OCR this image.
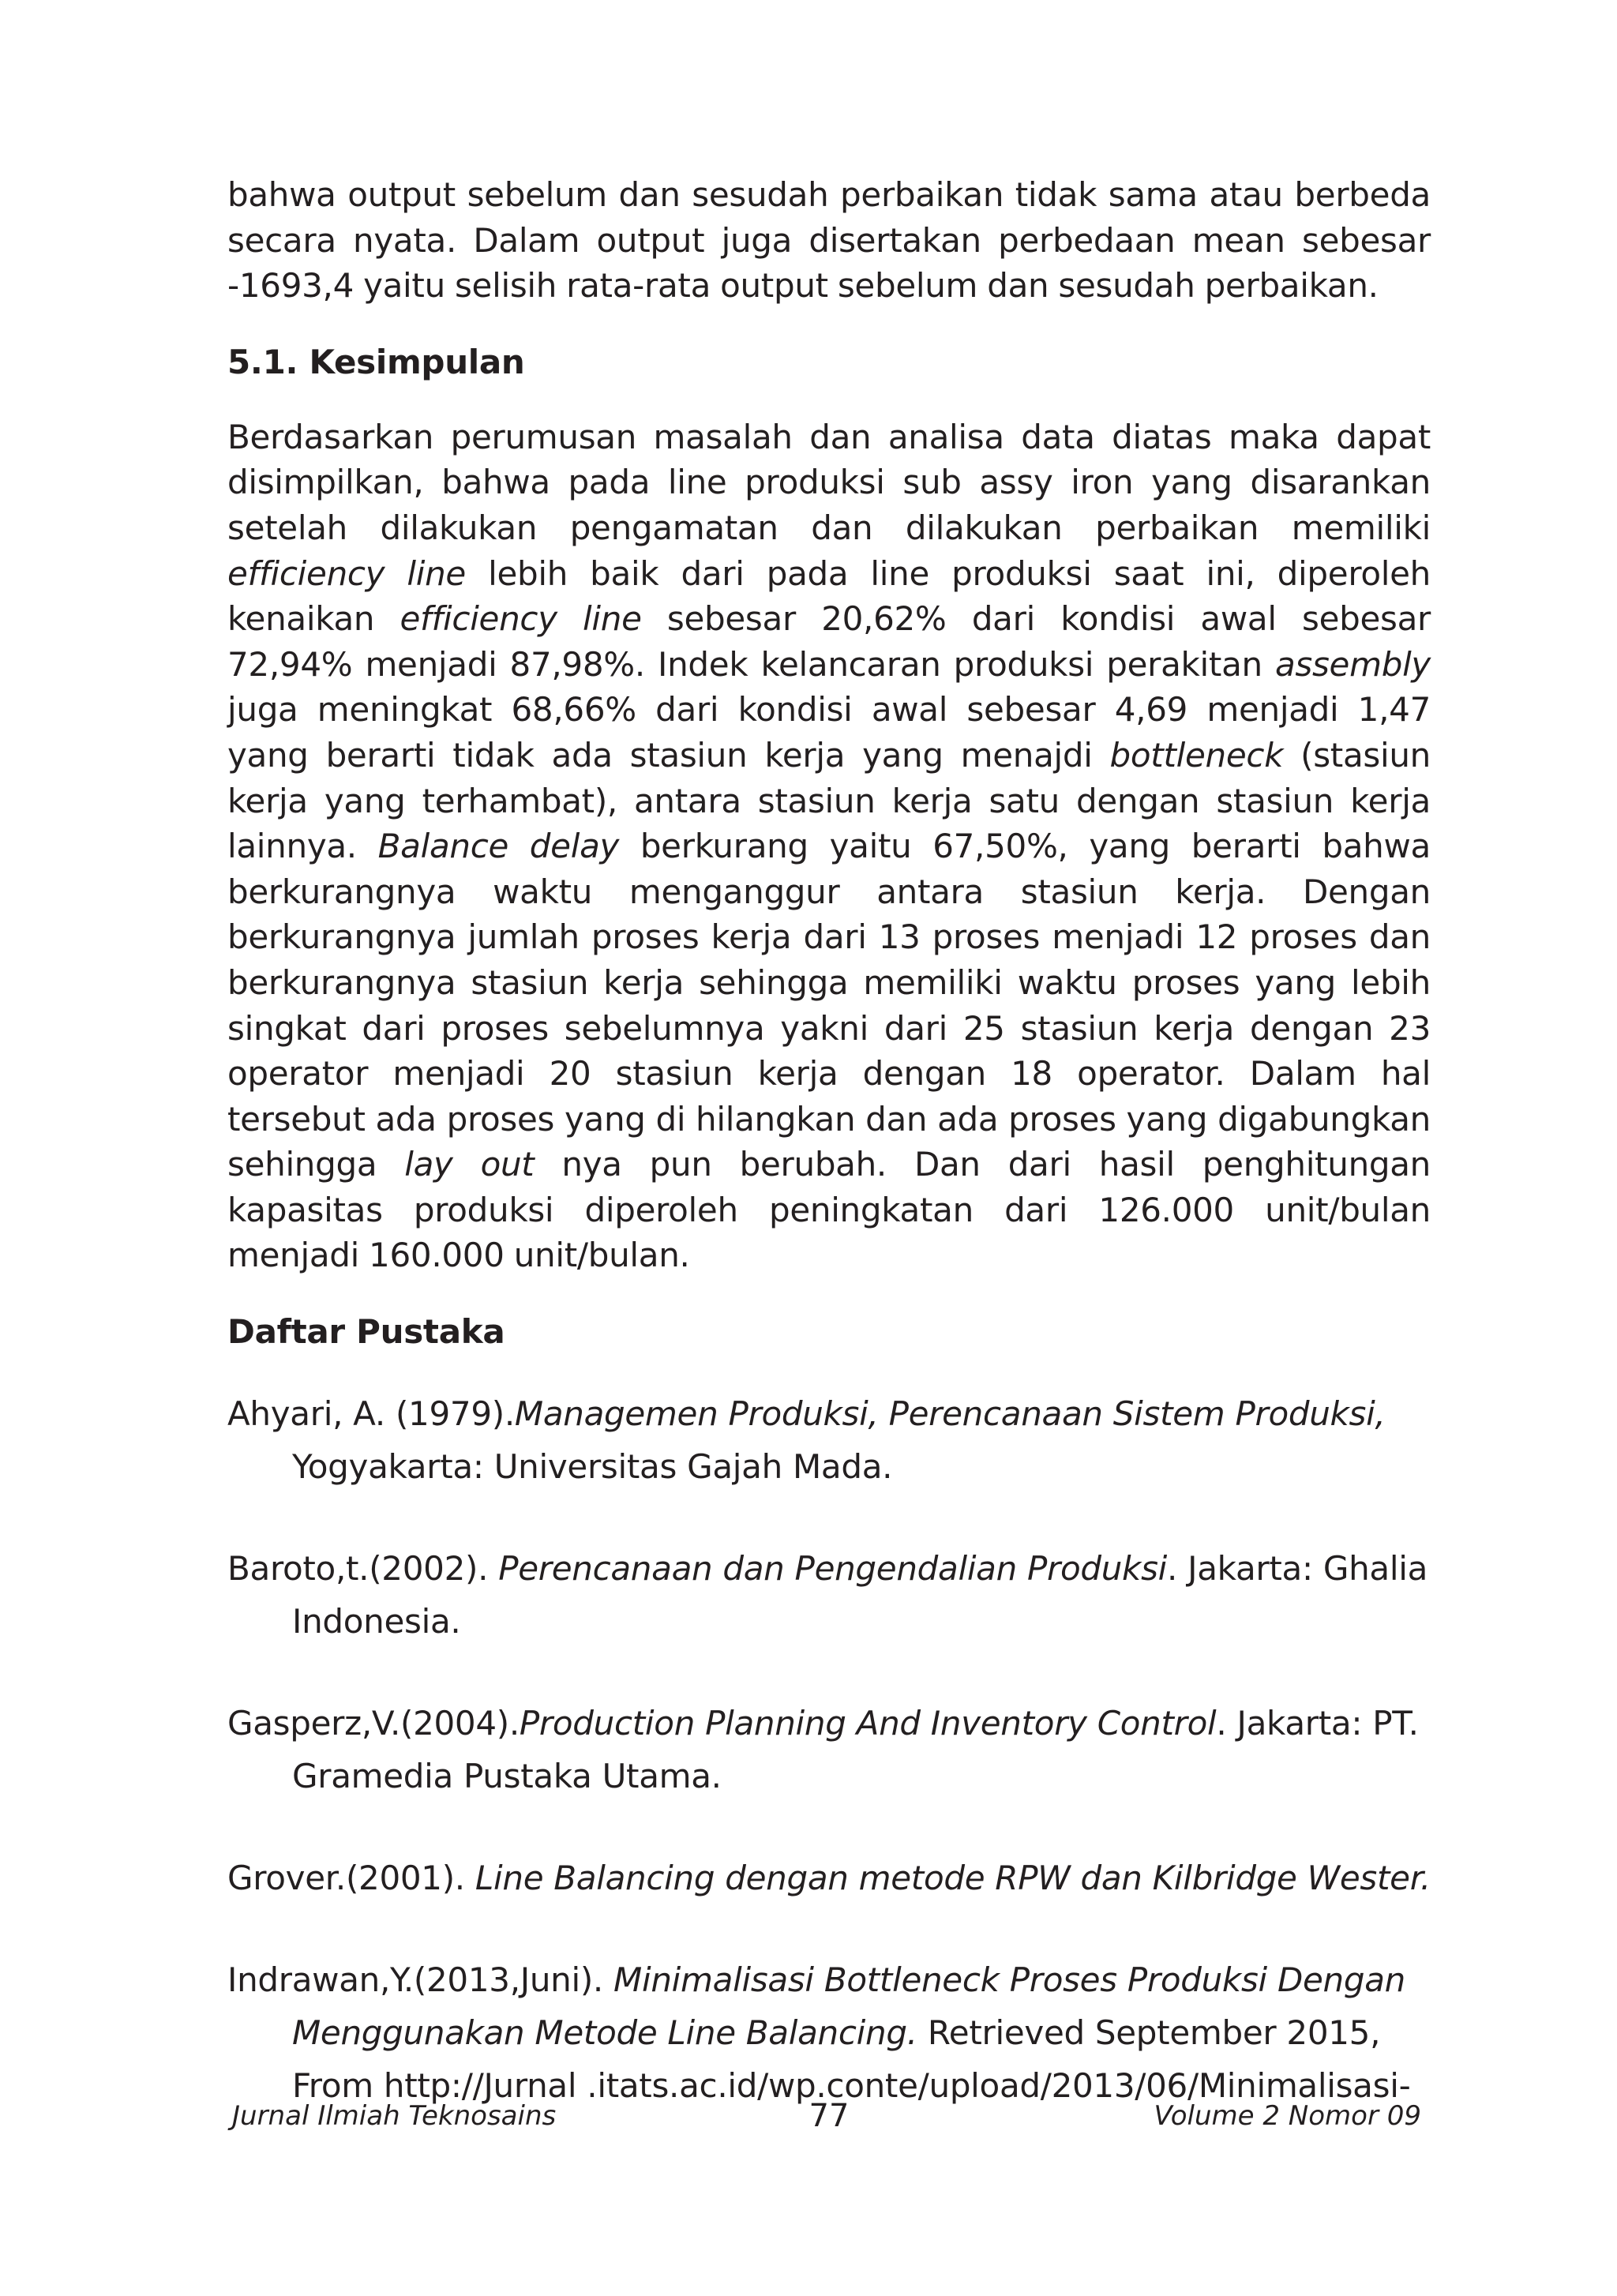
bahwa output sebelum dan sesudah perbaikan tidak sama atau berbeda secara nyata. Dalam output juga disertakan perbedaan mean sebesar -1693,4 yaitu selisih rata-rata output sebelum dan sesudah perbaikan.

5.1. Kesimpulan

Berdasarkan perumusan masalah dan analisa data diatas maka dapat disimpilkan, bahwa pada line produksi sub assy iron yang disarankan setelah dilakukan pengamatan dan dilakukan perbaikan memiliki efficiency line lebih baik dari pada line produksi saat ini, diperoleh kenaikan efficiency line sebesar 20,62% dari kondisi awal sebesar 72,94% menjadi 87,98%. Indek kelancaran produksi perakitan assembly juga meningkat 68,66% dari kondisi awal sebesar 4,69 menjadi 1,47 yang berarti tidak ada stasiun kerja yang menajdi bottleneck (stasiun kerja yang terhambat), antara stasiun kerja satu dengan stasiun kerja lainnya. Balance delay berkurang yaitu 67,50%, yang berarti bahwa berkurangnya waktu menganggur antara stasiun kerja. Dengan berkurangnya jumlah proses kerja dari 13 proses menjadi 12 proses dan berkurangnya stasiun kerja sehingga memiliki waktu proses yang lebih singkat dari proses sebelumnya yakni dari 25 stasiun kerja dengan 23 operator menjadi 20 stasiun kerja dengan 18 operator. Dalam hal tersebut ada proses yang di hilangkan dan ada proses yang digabungkan sehingga lay out nya pun berubah. Dan dari hasil penghitungan kapasitas produksi diperoleh peningkatan dari 126.000 unit/bulan menjadi 160.000 unit/bulan.

Daftar Pustaka

Ahyari, A. (1979).Managemen Produksi, Perencanaan Sistem Produksi, Yogyakarta: Universitas Gajah Mada.

Baroto,t.(2002). Perencanaan dan Pengendalian Produksi. Jakarta: Ghalia Indonesia.

Gasperz,V.(2004).Production Planning And Inventory Control. Jakarta: PT. Gramedia Pustaka Utama.

Grover.(2001). Line Balancing dengan metode RPW dan Kilbridge Wester.

Indrawan,Y.(2013,Juni). Minimalisasi Bottleneck Proses Produksi Dengan Menggunakan Metode Line Balancing. Retrieved September 2015, From http://Jurnal .itats.ac.id/wp.conte/upload/2013/06/Minimalisasi-

Jurnal Ilmiah Teknosains	77	Volume 2 Nomor 09
